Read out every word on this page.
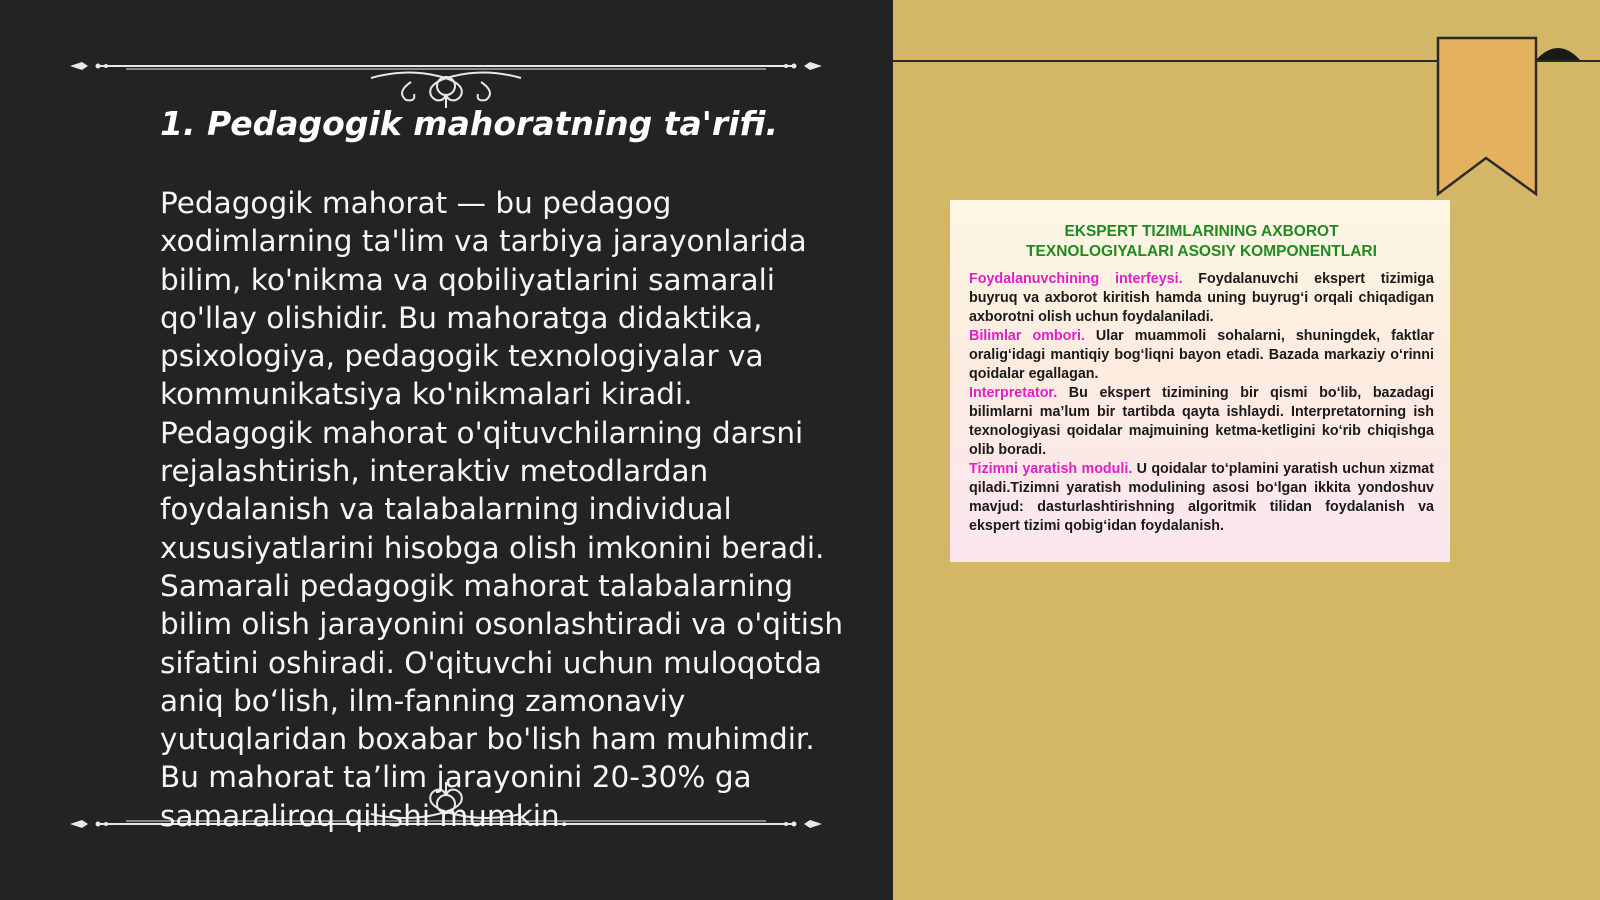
1. Pedagogik mahoratning ta'rifi.

Pedagogik mahorat — bu pedagog xodimlarning ta'lim va tarbiya jarayonlarida bilim, ko'nikma va qobiliyatlarini samarali qo'llay olishidir. Bu mahoratga didaktika, psixologiya, pedagogik texnologiyalar va kommunikatsiya ko'nikmalari kiradi. Pedagogik mahorat o'qituvchilarning darsni rejalashtirish, interaktiv metodlardan foydalanish va talabalarning individual xususiyatlarini hisobga olish imkonini beradi. Samarali pedagogik mahorat talabalarning bilim olish jarayonini osonlashtiradi va o'qitish sifatini oshiradi. O'qituvchi uchun muloqotda aniq bo‘lish, ilm-fanning zamonaviy yutuqlaridan boxabar bo'lish ham muhimdir. Bu mahorat ta’lim jarayonini 20-30% ga samaraliroq qilishi mumkin.

EKSPERT TIZIMLARINING AXBOROT
TEXNOLOGIYALARI ASOSIY KOMPONENTLARI

Foydalanuvchining interfeysi. Foydalanuvchi ekspert tizimiga buyruq va axborot kiritish hamda uning buyrug‘i orqali chiqadigan axborotni olish uchun foydalaniladi.

Bilimlar ombori. Ular muammoli sohalarni, shuningdek, faktlar oralig‘idagi mantiqiy bog‘liqni bayon etadi. Bazada markaziy o‘rinni qoidalar egallagan.

Interpretator. Bu ekspert tizimining bir qismi bo‘lib, bazadagi bilimlarni ma’lum bir tartibda qayta ishlaydi. Interpretatorning ish texnologiyasi qoidalar majmuining ketma-ketligini ko‘rib chiqishga olib boradi.

Tizimni yaratish moduli. U qoidalar to‘plamini yaratish uchun xizmat qiladi.Tizimni yaratish modulining asosi bo‘lgan ikkita yondoshuv mavjud: dasturlashtirishning algoritmik tilidan foydalanish va ekspert tizimi qobig‘idan foydalanish.
